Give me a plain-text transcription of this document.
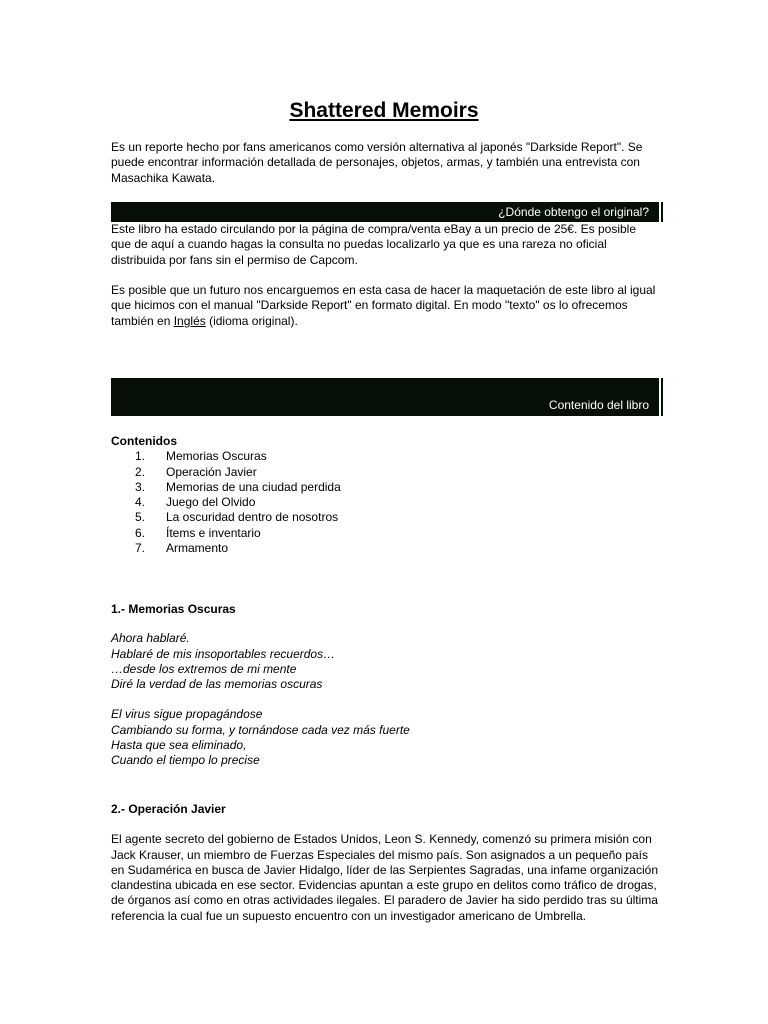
Shattered Memoirs

Es un reporte hecho por fans americanos como versión alternativa al japonés "Darkside Report". Se puede encontrar información detallada de personajes, objetos, armas, y también una entrevista con Masachika Kawata.

¿Dónde obtengo el original?

Este libro ha estado circulando por la página de compra/venta eBay a un precio de 25€. Es posible que de aquí a cuando hagas la consulta no puedas localizarlo ya que es una rareza no oficial distribuida por fans sin el permiso de Capcom.

Es posible que un futuro nos encarguemos en esta casa de hacer la maquetación de este libro al igual que hicimos con el manual "Darkside Report" en formato digital. En modo "texto" os lo ofrecemos también en Inglés (idioma original).

Contenido del libro
Contenidos
1. Memorias Oscuras
2. Operación Javier
3. Memorias de una ciudad perdida
4. Juego del Olvido
5. La oscuridad dentro de nosotros
6. Ítems e inventario
7. Armamento
1.- Memorias Oscuras
Ahora hablaré.
Hablaré de mis insoportables recuerdos…
…desde los extremos de mi mente
Diré la verdad de las memorias oscuras
El virus sigue propagándose
Cambiando su forma, y tornándose cada vez más fuerte
Hasta que sea eliminado,
Cuando el tiempo lo precise
2.- Operación Javier

El agente secreto del gobierno de Estados Unidos, Leon S. Kennedy, comenzó su primera misión con Jack Krauser, un miembro de Fuerzas Especiales del mismo país. Son asignados a un pequeño país en Sudamérica en busca de Javier Hidalgo, líder de las Serpientes Sagradas, una infame organización clandestina ubicada en ese sector. Evidencias apuntan a este grupo en delitos como tráfico de drogas, de órganos así como en otras actividades ilegales. El paradero de Javier ha sido perdido tras su última referencia la cual fue un supuesto encuentro con un investigador americano de Umbrella.
